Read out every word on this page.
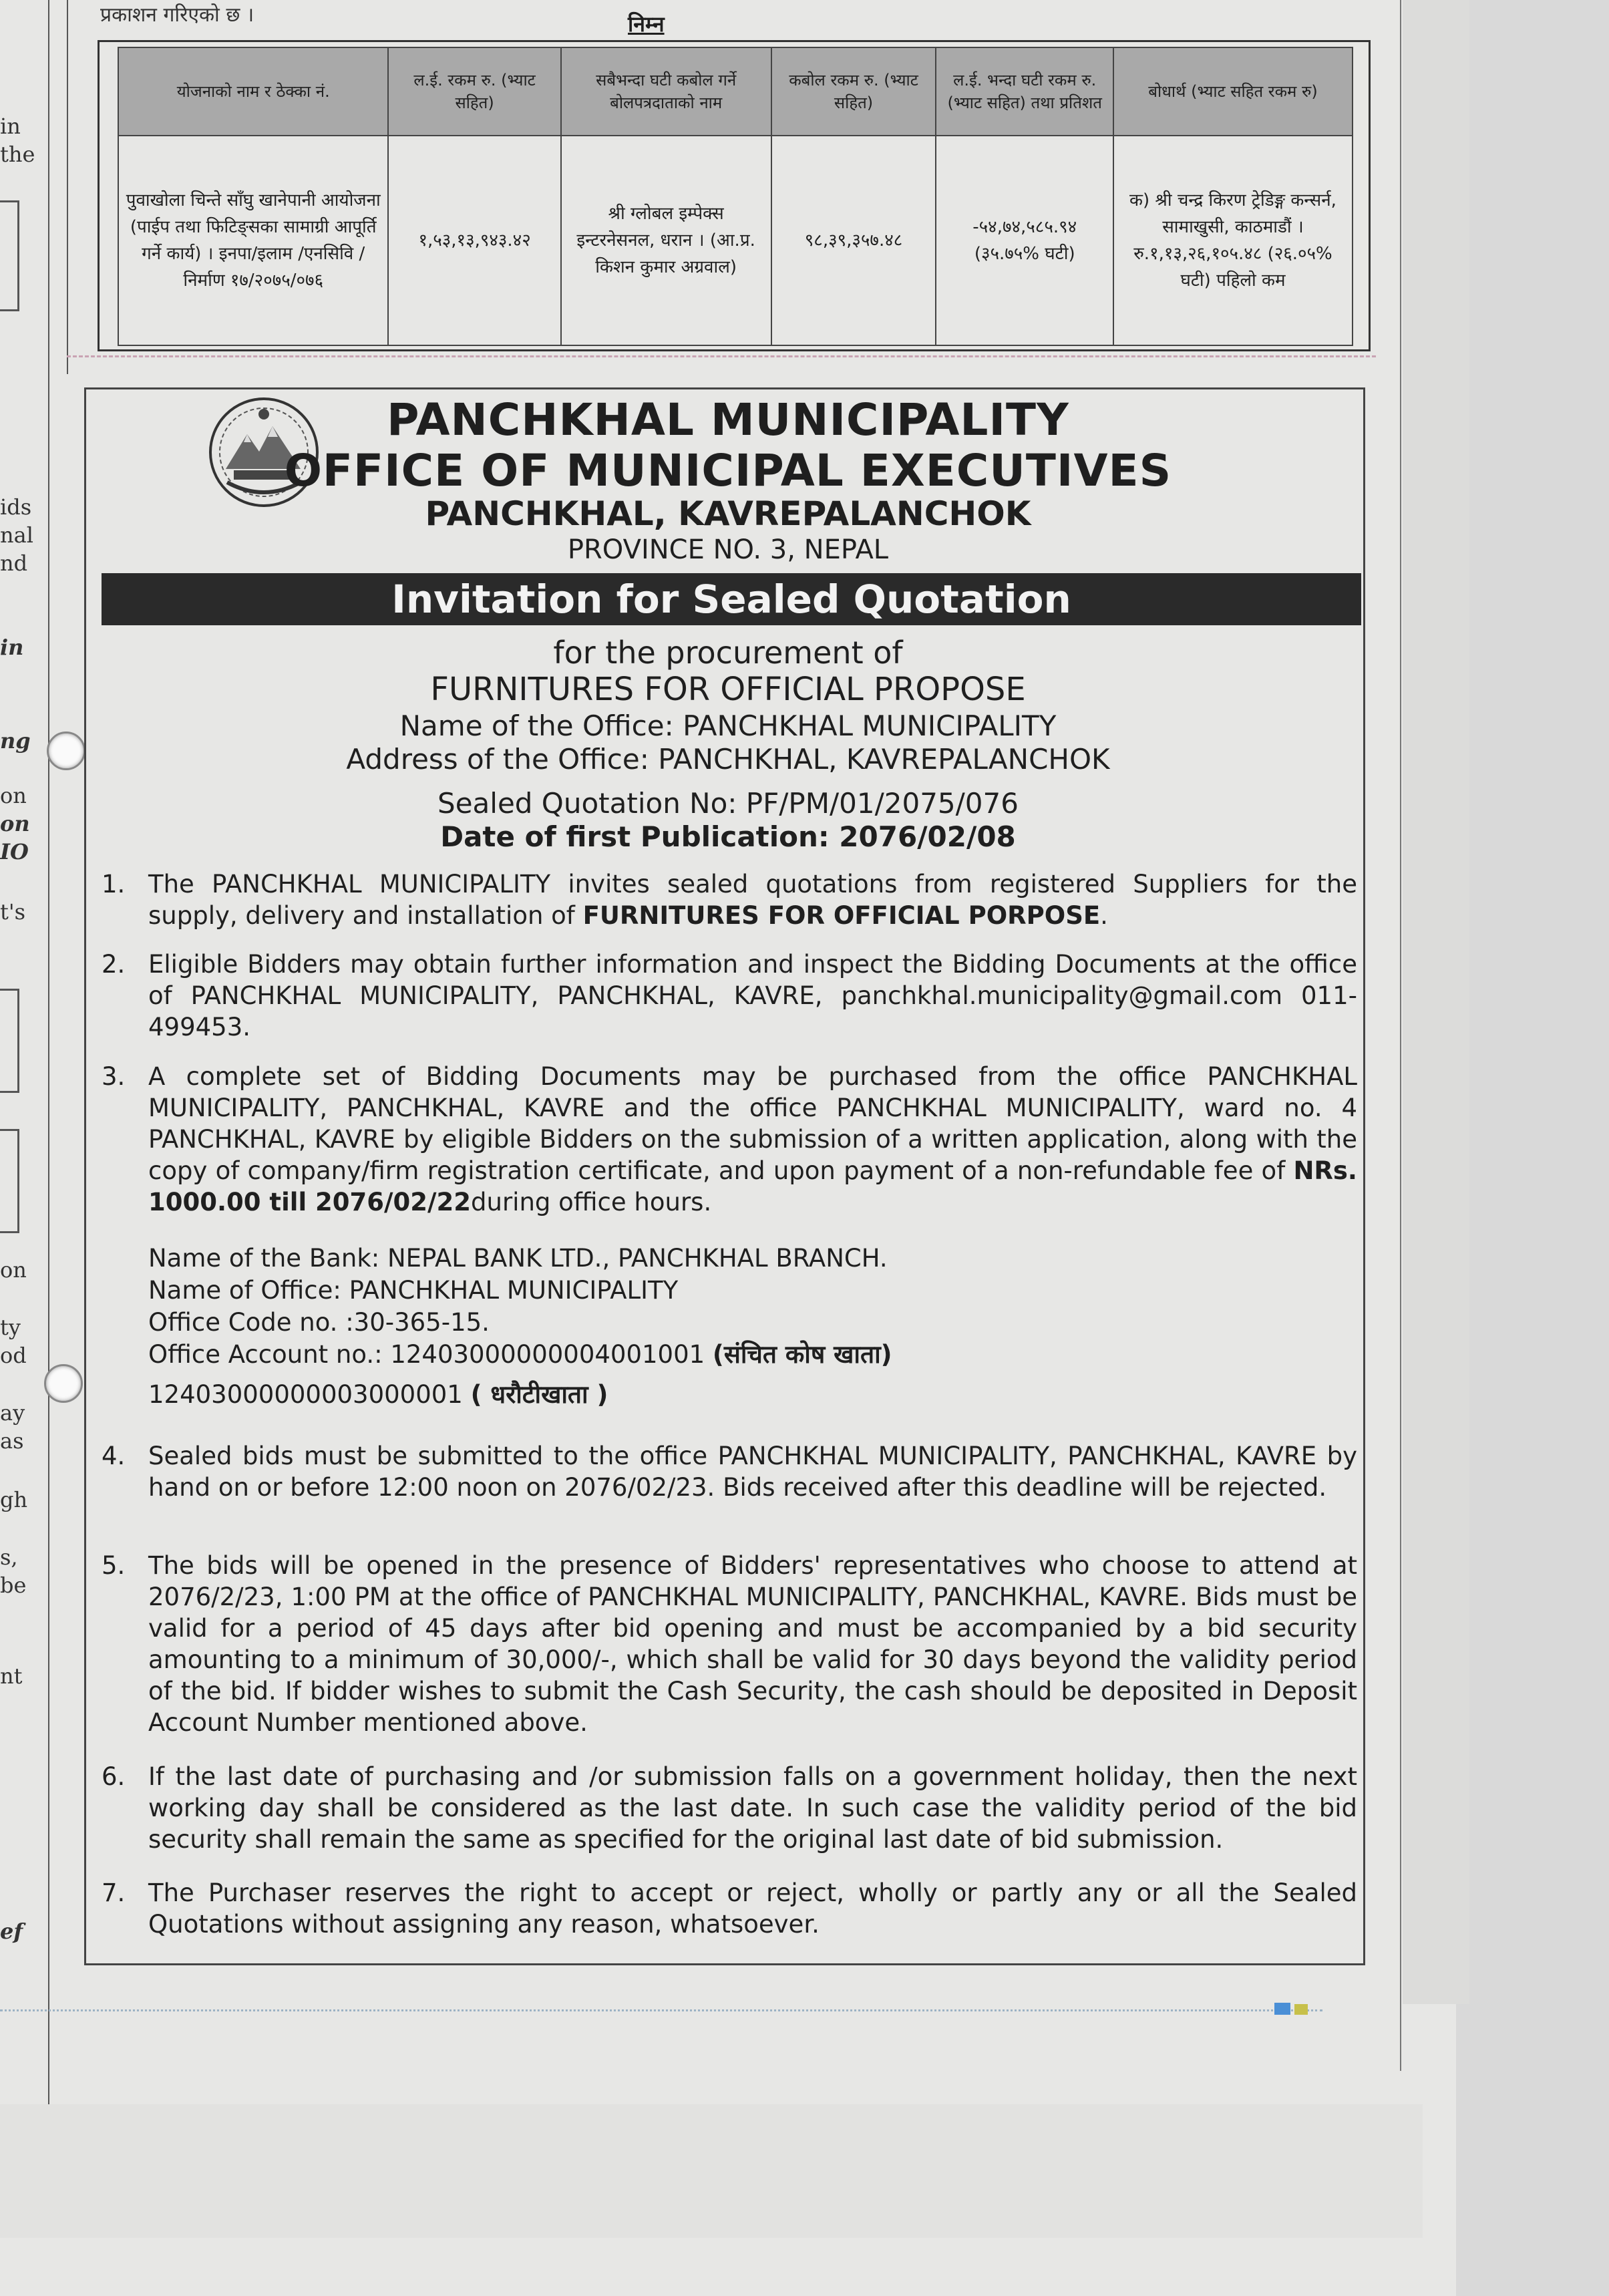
in
the
ids
nal
nd
in
ng
on
on
IO
t's
on
ty
od
ay
as
gh
s,
be
nt
ef
प्रकाशन गरिएको छ ।	निम्न
योजनाको नाम र ठेक्का नं.	ल.ई. रकम रु. (भ्याट सहित)	सबैभन्दा घटी कबोल गर्ने बोलपत्रदाताको नाम	कबोल रकम रु. (भ्याट सहित)	ल.ई. भन्दा घटी रकम रु.(भ्याट सहित) तथा प्रतिशत	बोधार्थ (भ्याट सहित रकम रु)
पुवाखोला चिन्ते साँघु खानेपानी आयोजना (पाईप तथा फिटिङ्सका सामाग्री आपूर्ति गर्ने कार्य) । इनपा/इलाम /एनसिवि /निर्माण १७/२०७५/०७६	१,५३,१३,९४३.४२	श्री ग्लोबल इम्पेक्स इन्टरनेसनल, धरान । (आ.प्र. किशन कुमार अग्रवाल)	९८,३९,३५७.४८	-५४,७४,५८५.९४ (३५.७५% घटी)	क) श्री चन्द्र किरण ट्रेडिङ्ग कन्सर्न, सामाखुसी, काठमाडौं । रु.१,१३,२६,१०५.४८ (२६.०५% घटी) पहिलो कम
PANCHKHAL MUNICIPALITY
OFFICE OF MUNICIPAL EXECUTIVES
PANCHKHAL, KAVREPALANCHOK
PROVINCE NO. 3, NEPAL
Invitation for Sealed Quotation
for the procurement of
FURNITURES FOR OFFICIAL PROPOSE
Name of the Office: PANCHKHAL MUNICIPALITY
Address of the Office: PANCHKHAL, KAVREPALANCHOK
Sealed Quotation No: PF/PM/01/2075/076
Date of first Publication: 2076/02/08
1. The PANCHKHAL MUNICIPALITY invites sealed quotations from registered Suppliers for the supply, delivery and installation of FURNITURES FOR OFFICIAL PORPOSE.
2. Eligible Bidders may obtain further information and inspect the Bidding Documents at the office of PANCHKHAL MUNICIPALITY, PANCHKHAL, KAVRE, panchkhal.municipality@gmail.com 011-499453.
3. A complete set of Bidding Documents may be purchased from the office PANCHKHAL MUNICIPALITY, PANCHKHAL, KAVRE and the office PANCHKHAL MUNICIPALITY, ward no. 4 PANCHKHAL, KAVRE by eligible Bidders on the submission of a written application, along with the copy of company/firm registration certificate, and upon payment of a non-refundable fee of NRs. 1000.00 till 2076/02/22during office hours.
Name of the Bank: NEPAL BANK LTD., PANCHKHAL BRANCH.
Name of Office: PANCHKHAL MUNICIPALITY
Office Code no. :30-365-15.
Office Account no.: 12403000000004001001 (संचित कोष खाता)
12403000000003000001 ( धरौटीखाता )
4. Sealed bids must be submitted to the office PANCHKHAL MUNICIPALITY, PANCHKHAL, KAVRE by hand on or before 12:00 noon on 2076/02/23. Bids received after this deadline will be rejected.
5. The bids will be opened in the presence of Bidders' representatives who choose to attend at 2076/2/23, 1:00 PM at the office of PANCHKHAL MUNICIPALITY, PANCHKHAL, KAVRE. Bids must be valid for a period of 45 days after bid opening and must be accompanied by a bid security amounting to a minimum of 30,000/-, which shall be valid for 30 days beyond the validity period of the bid. If bidder wishes to submit the Cash Security, the cash should be deposited in Deposit Account Number mentioned above.
6. If the last date of purchasing and /or submission falls on a government holiday, then the next working day shall be considered as the last date. In such case the validity period of the bid security shall remain the same as specified for the original last date of bid submission.
7. The Purchaser reserves the right to accept or reject, wholly or partly any or all the Sealed Quotations without assigning any reason, whatsoever.
